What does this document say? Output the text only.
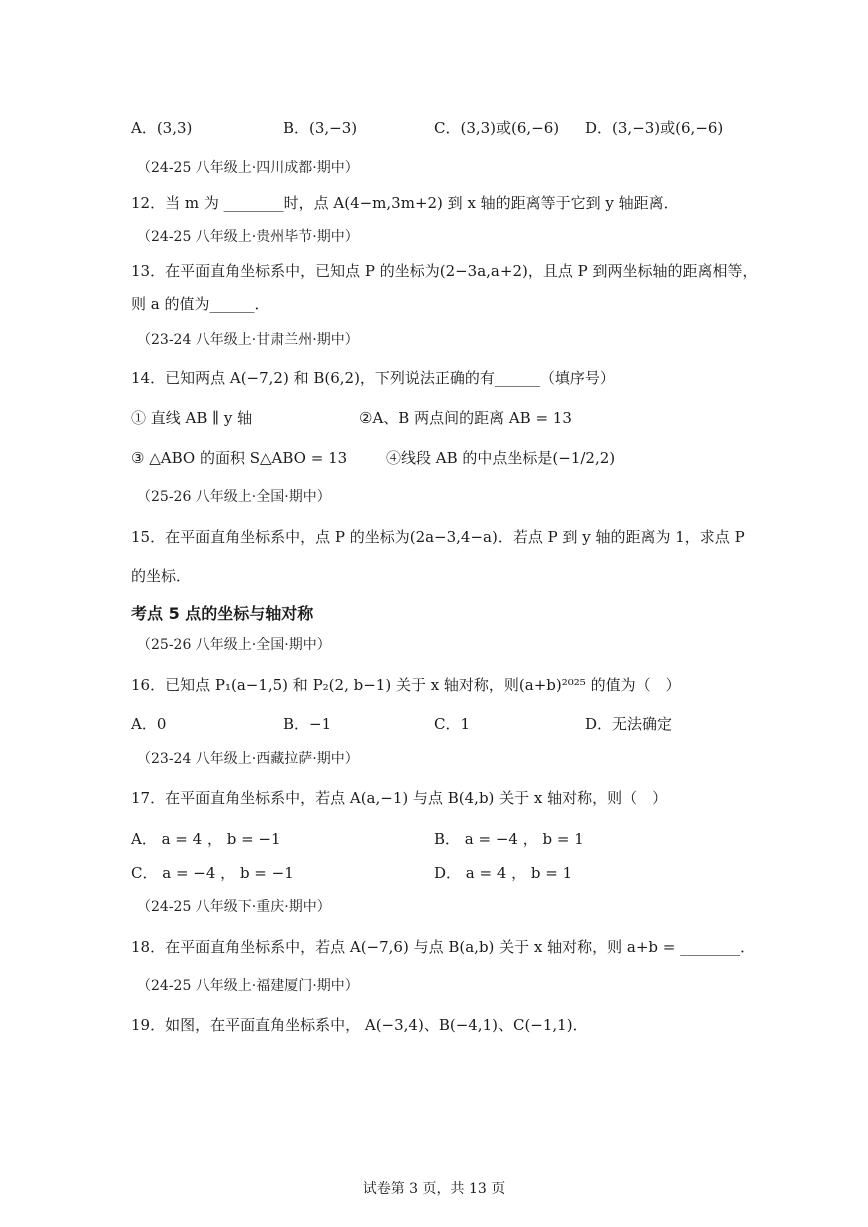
A．(3,3)	B．(3,−3)	C．(3,3)或(6,−6) D．(3,−3)或(6,−6)
（24-25 八年级上·四川成都·期中）
12．当 m 为 ________时，点 A(4−m,3m+2) 到 x 轴的距离等于它到 y 轴距离．
（24-25 八年级上·贵州毕节·期中）
13．在平面直角坐标系中，已知点 P 的坐标为(2−3a,a+2)，且点 P 到两坐标轴的距离相等，
则 a 的值为______．
（23-24 八年级上·甘肃兰州·期中）
14．已知两点 A(−7,2) 和 B(6,2)，下列说法正确的有______（填序号）
① 直线 AB ∥ y 轴	②A、B 两点间的距离 AB = 13
③ △ABO 的面积 S△ABO = 13	④线段 AB 的中点坐标是(−1/2,2)
（25-26 八年级上·全国·期中）
15．在平面直角坐标系中，点 P 的坐标为(2a−3,4−a)．若点 P 到 y 轴的距离为 1，求点 P
的坐标．
考点 5 点的坐标与轴对称
（25-26 八年级上·全国·期中）
16．已知点 P₁(a−1,5) 和 P₂(2, b−1) 关于 x 轴对称，则(a+b)²⁰²⁵ 的值为（　）
A．0	B．−1	C．1	D．无法确定
（23-24 八年级上·西藏拉萨·期中）
17．在平面直角坐标系中，若点 A(a,−1) 与点 B(4,b) 关于 x 轴对称，则（　）
A． a = 4 ， b = −1	B． a = −4 ， b = 1
C． a = −4 ， b = −1	D． a = 4 ， b = 1
（24-25 八年级下·重庆·期中）
18．在平面直角坐标系中，若点 A(−7,6) 与点 B(a,b) 关于 x 轴对称，则 a+b = ________．
（24-25 八年级上·福建厦门·期中）
19．如图，在平面直角坐标系中， A(−3,4)、B(−4,1)、C(−1,1)．
试卷第 3 页，共 13 页
